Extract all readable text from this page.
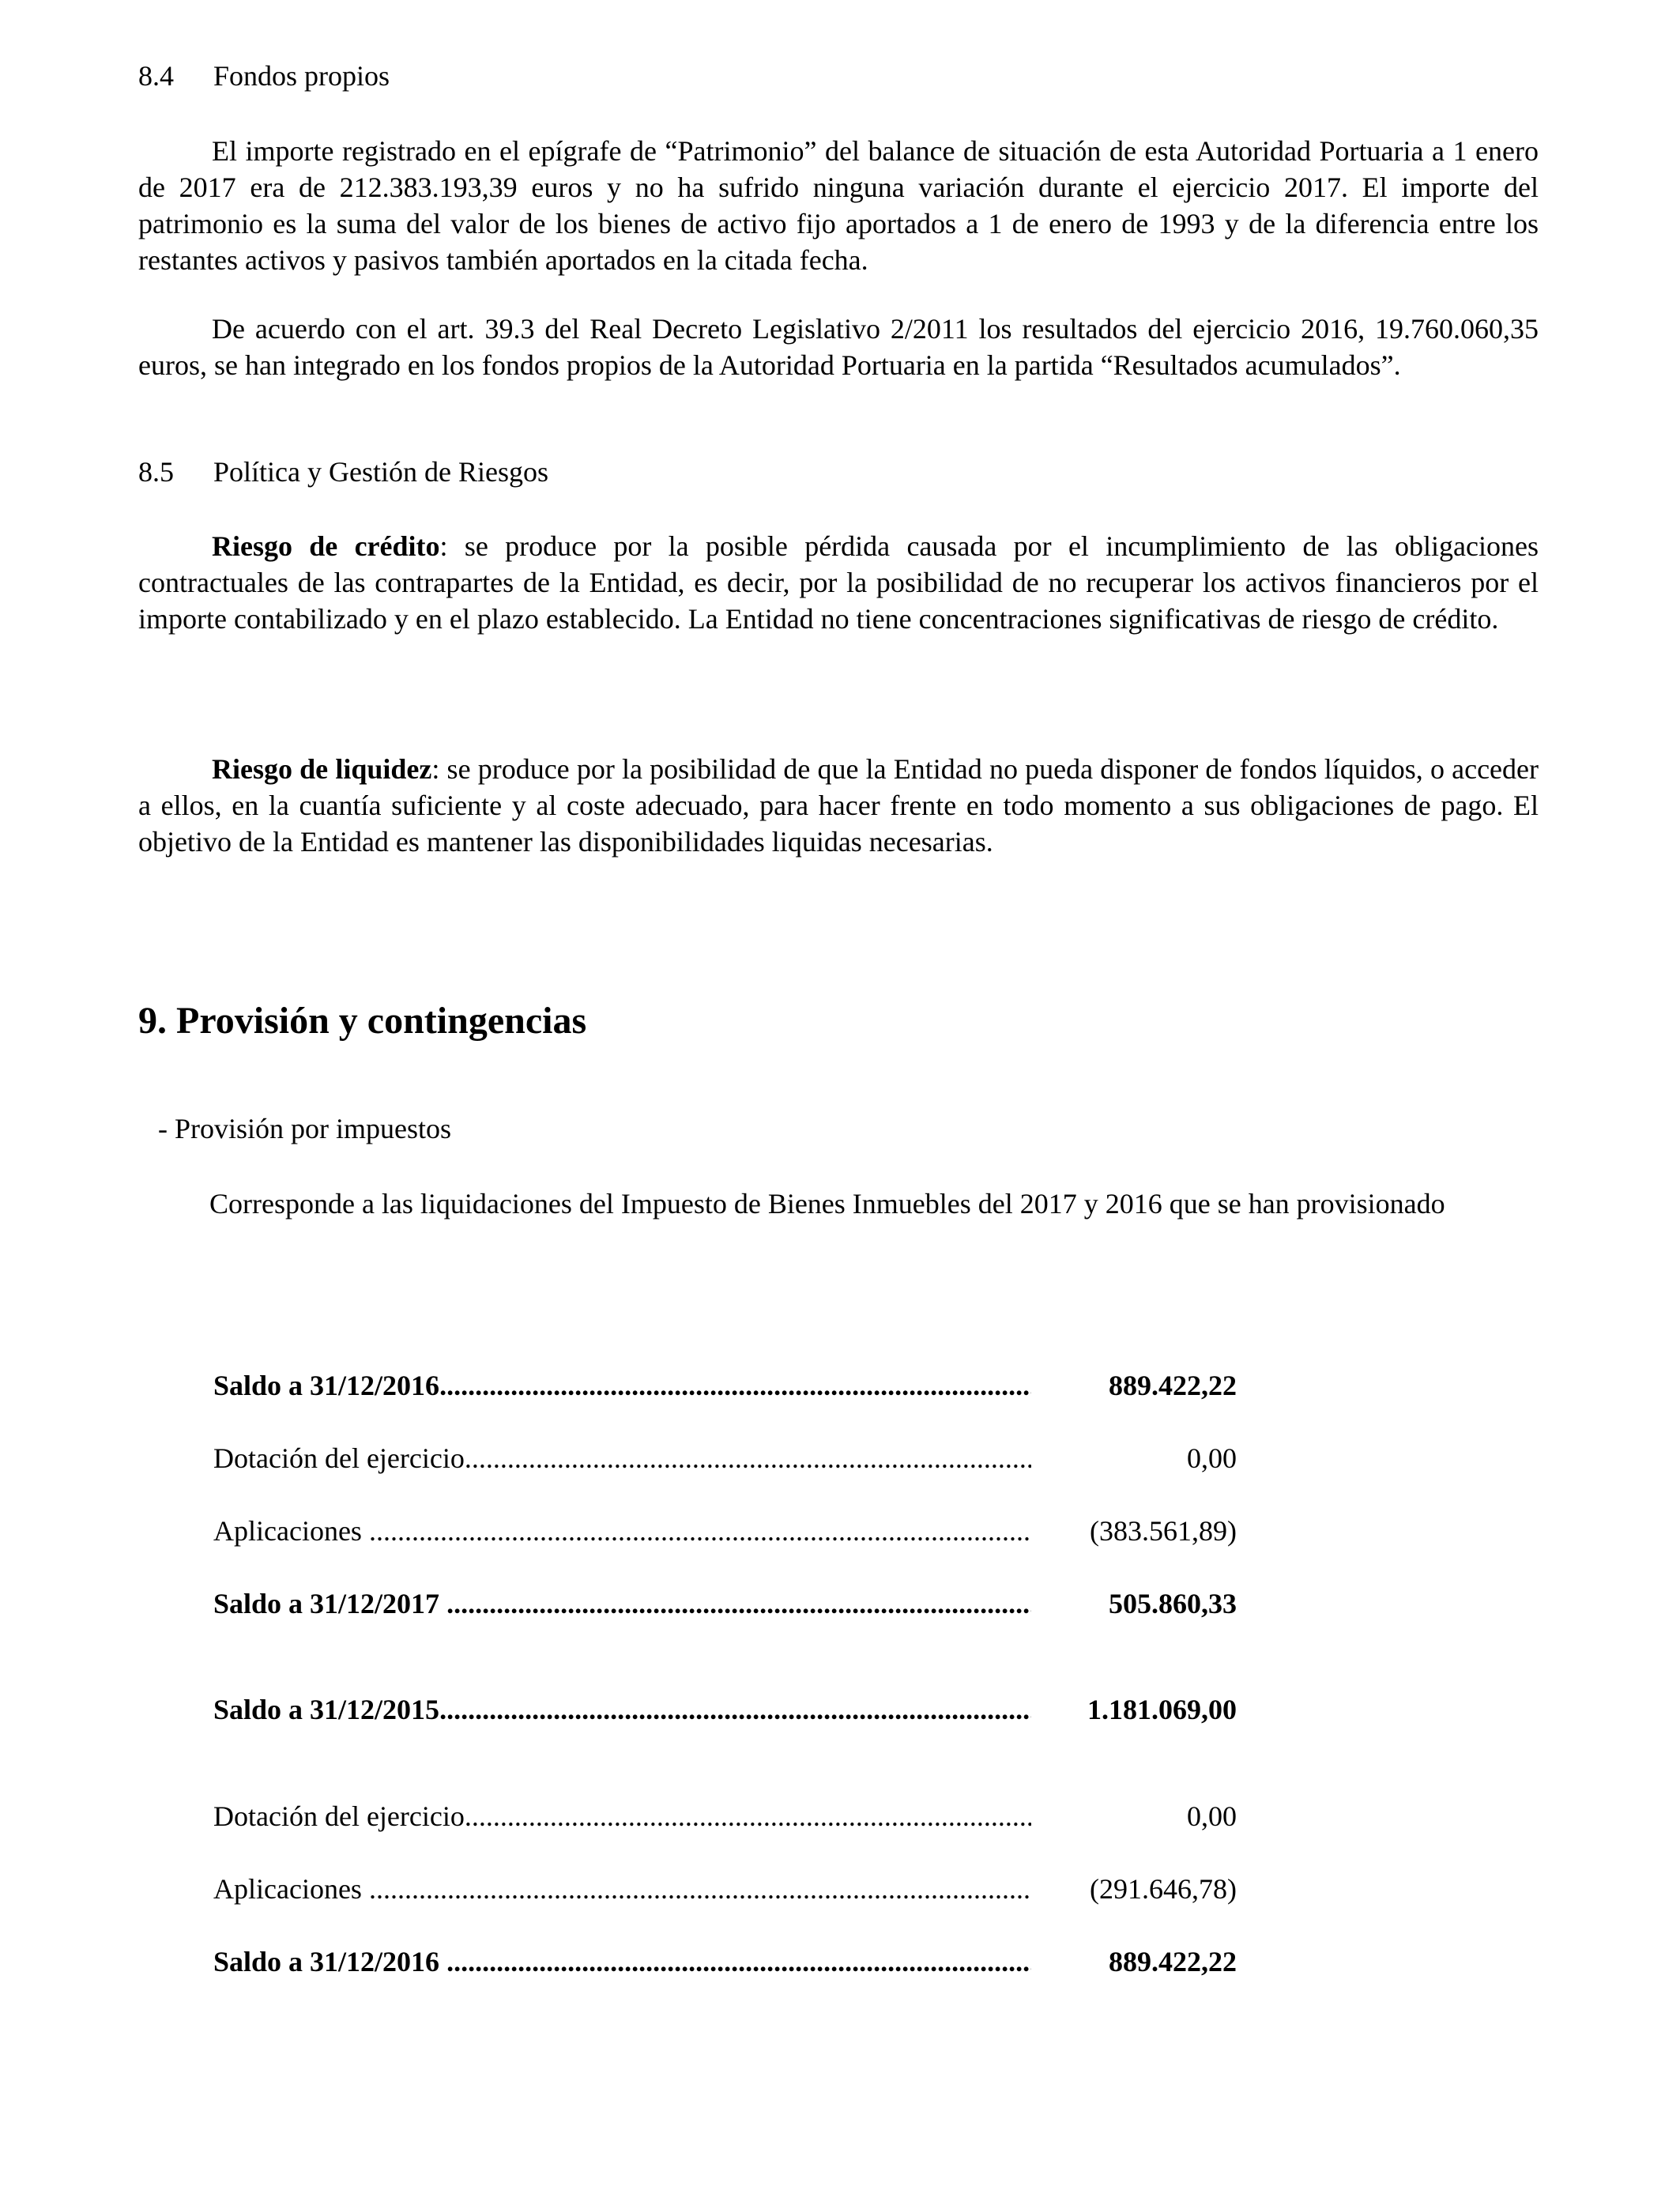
8.4 Fondos propios
El importe registrado en el epígrafe de “Patrimonio” del balance de situación de esta Autoridad Portuaria a 1 enero de 2017 era de 212.383.193,39 euros y no ha sufrido ninguna variación durante el ejercicio 2017. El importe del patrimonio es la suma del valor de los bienes de activo fijo aportados a 1 de enero de 1993 y de la diferencia entre los restantes activos y pasivos también aportados en la citada fecha.
De acuerdo con el art. 39.3 del Real Decreto Legislativo 2/2011 los resultados del ejercicio 2016, 19.760.060,35 euros, se han integrado en los fondos propios de la Autoridad Portuaria en la partida “Resultados acumulados”.
8.5 Política y Gestión de Riesgos
Riesgo de crédito: se produce por la posible pérdida causada por el incumplimiento de las obligaciones contractuales de las contrapartes de la Entidad, es decir, por la posibilidad de no recuperar los activos financieros por el importe contabilizado y en el plazo establecido. La Entidad no tiene concentraciones significativas de riesgo de crédito.
Riesgo de liquidez: se produce por la posibilidad de que la Entidad no pueda disponer de fondos líquidos, o acceder a ellos, en la cuantía suficiente y al coste adecuado, para hacer frente en todo momento a sus obligaciones de pago. El objetivo de la Entidad es mantener las disponibilidades liquidas necesarias.
9. Provisión y contingencias
- Provisión por impuestos
Corresponde a las liquidaciones del Impuesto de Bienes Inmuebles del 2017 y 2016 que se han provisionado
Saldo a 31/12/2016 .....	889.422,22
Dotación del ejercicio .....	0,00
Aplicaciones .....	(383.561,89)
Saldo a 31/12/2017 .....	505.860,33
Saldo a 31/12/2015 .....	1.181.069,00
Dotación del ejercicio .....	0,00
Aplicaciones .....	(291.646,78)
Saldo a 31/12/2016 .....	889.422,22
